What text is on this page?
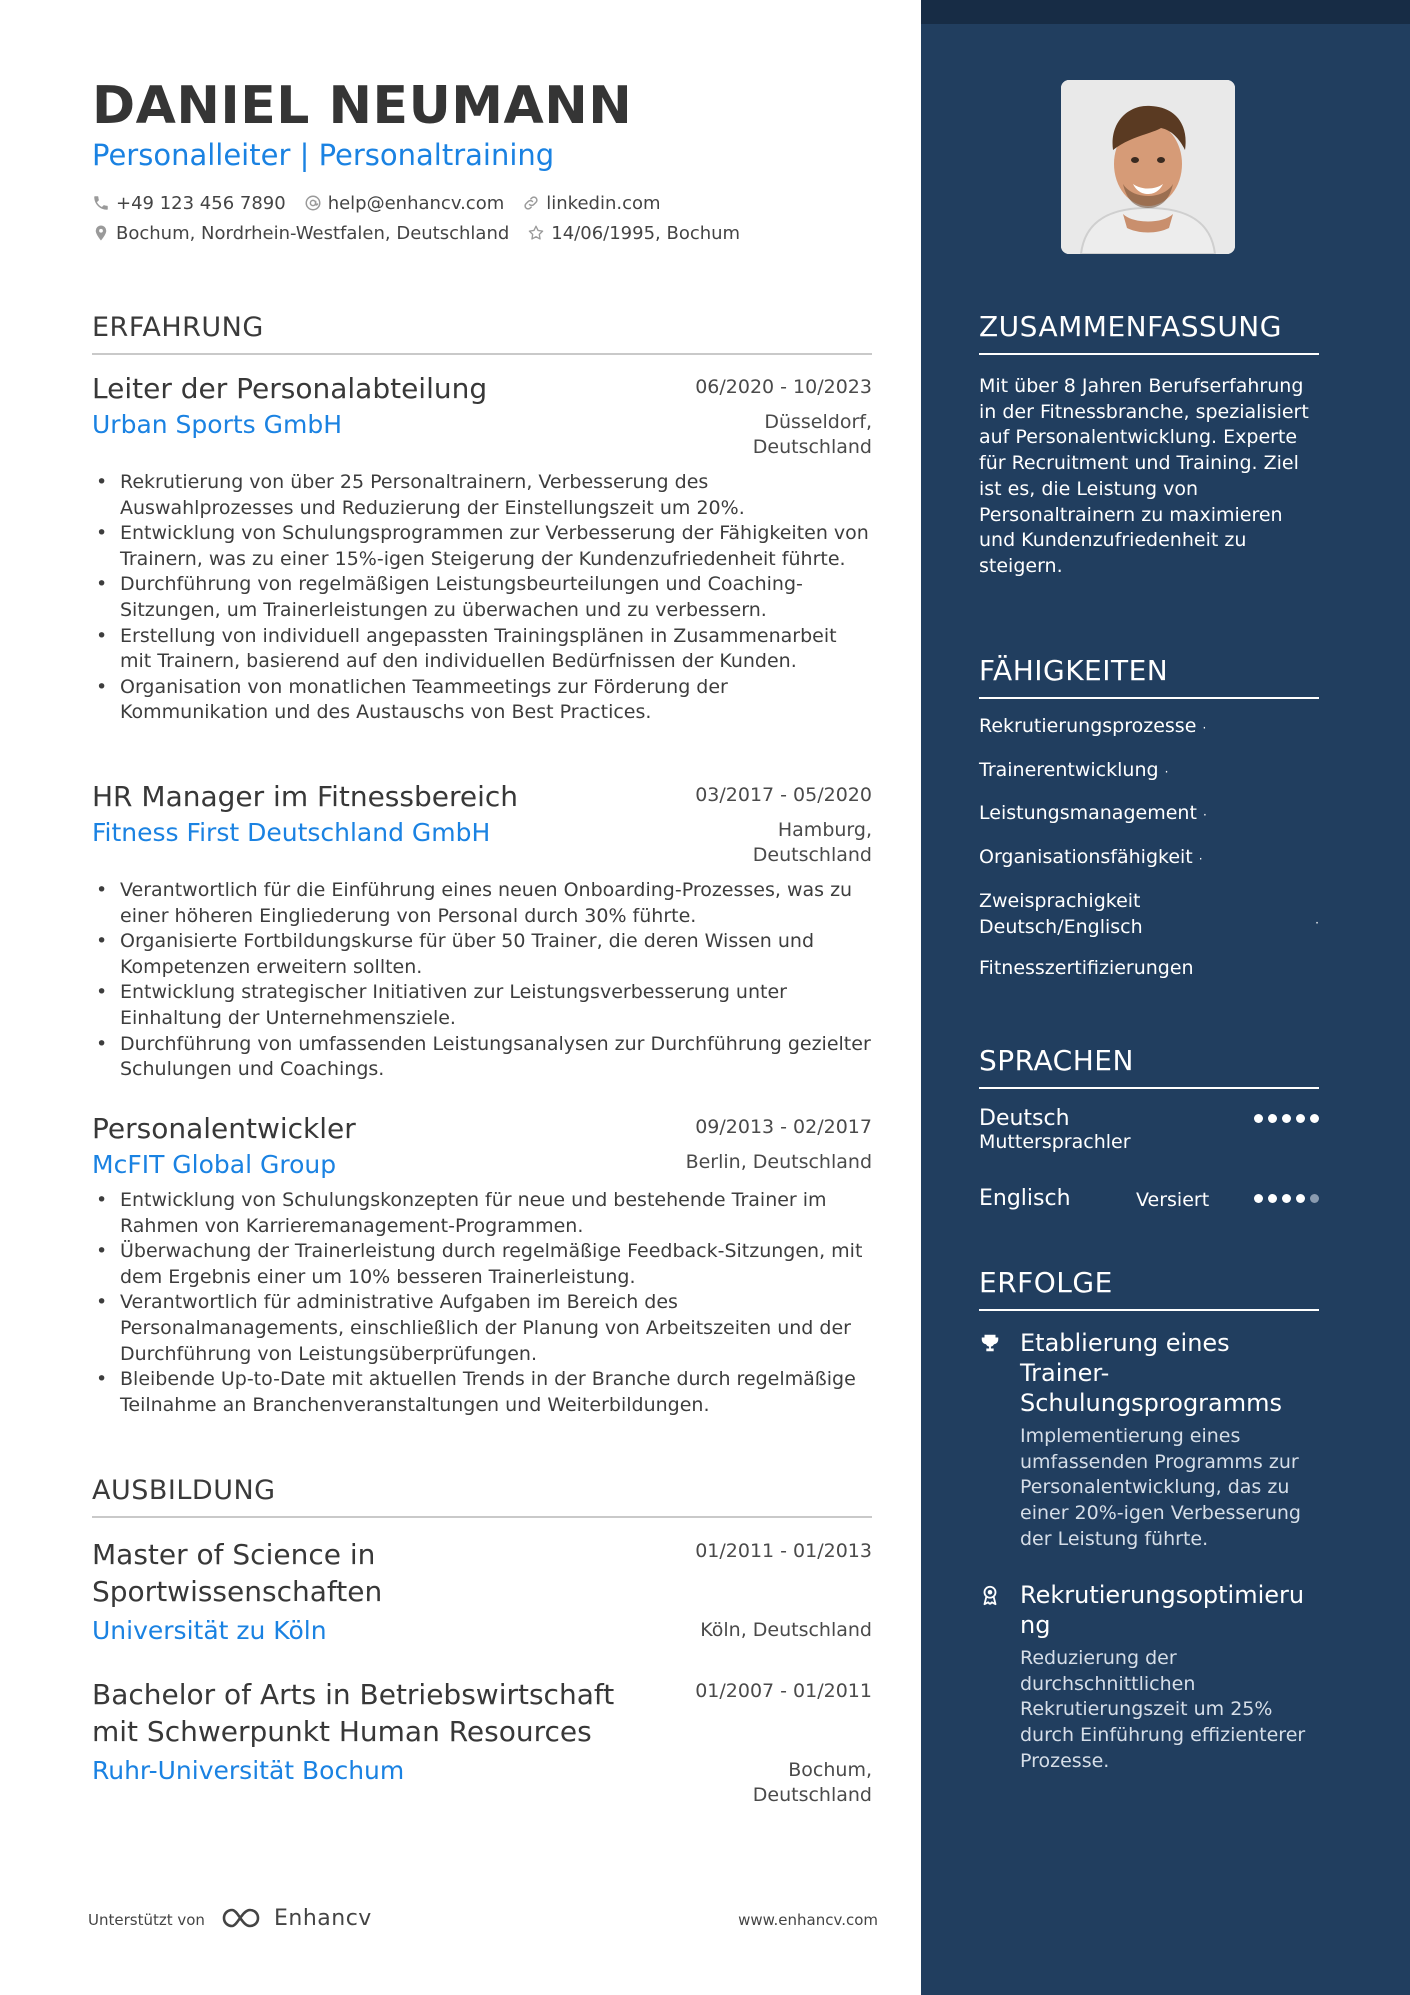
DANIEL NEUMANN
Personalleiter | Personaltraining
+49 123 456 7890 help@enhancv.com linkedin.com
Bochum, Nordrhein-Westfalen, Deutschland 14/06/1995, Bochum
ERFAHRUNG
Leiter der Personalabteilung	06/2020 - 10/2023
Urban Sports GmbH	Düsseldorf, Deutschland
• Rekrutierung von über 25 Personaltrainern, Verbesserung des Auswahlprozesses und Reduzierung der Einstellungszeit um 20%.
• Entwicklung von Schulungsprogrammen zur Verbesserung der Fähigkeiten von Trainern, was zu einer 15%-igen Steigerung der Kundenzufriedenheit führte.
• Durchführung von regelmäßigen Leistungsbeurteilungen und Coaching-Sitzungen, um Trainerleistungen zu überwachen und zu verbessern.
• Erstellung von individuell angepassten Trainingsplänen in Zusammenarbeit mit Trainern, basierend auf den individuellen Bedürfnissen der Kunden.
• Organisation von monatlichen Teammeetings zur Förderung der Kommunikation und des Austauschs von Best Practices.
HR Manager im Fitnessbereich	03/2017 - 05/2020
Fitness First Deutschland GmbH	Hamburg, Deutschland
• Verantwortlich für die Einführung eines neuen Onboarding-Prozesses, was zu einer höheren Eingliederung von Personal durch 30% führte.
• Organisierte Fortbildungskurse für über 50 Trainer, die deren Wissen und Kompetenzen erweitern sollten.
• Entwicklung strategischer Initiativen zur Leistungsverbesserung unter Einhaltung der Unternehmensziele.
• Durchführung von umfassenden Leistungsanalysen zur Durchführung gezielter Schulungen und Coachings.
Personalentwickler	09/2013 - 02/2017
McFIT Global Group	Berlin, Deutschland
• Entwicklung von Schulungskonzepten für neue und bestehende Trainer im Rahmen von Karrieremanagement-Programmen.
• Überwachung der Trainerleistung durch regelmäßige Feedback-Sitzungen, mit dem Ergebnis einer um 10% besseren Trainerleistung.
• Verantwortlich für administrative Aufgaben im Bereich des Personalmanagements, einschließlich der Planung von Arbeitszeiten und der Durchführung von Leistungsüberprüfungen.
• Bleibende Up-to-Date mit aktuellen Trends in der Branche durch regelmäßige Teilnahme an Branchenveranstaltungen und Weiterbildungen.
AUSBILDUNG
Master of Science in Sportwissenschaften
01/2011 - 01/2013
Universität zu Köln	Köln, Deutschland
Bachelor of Arts in Betriebswirtschaft mit Schwerpunkt Human Resources
01/2007 - 01/2011
Ruhr-Universität Bochum	Bochum, Deutschland
Unterstützt von	Enhancv	www.enhancv.com
ZUSAMMENFASSUNG
Mit über 8 Jahren Berufserfahrung in der Fitnessbranche, spezialisiert auf Personalentwicklung. Experte für Recruitment und Training. Ziel ist es, die Leistung von Personaltrainern zu maximieren und Kundenzufriedenheit zu steigern.
FÄHIGKEITEN
Rekrutierungsprozesse ·
Trainerentwicklung ·
Leistungsmanagement ·
Organisationsfähigkeit ·
Zweisprachigkeit Deutsch/Englisch	·
Fitnesszertifizierungen
SPRACHEN
Deutsch
Muttersprachler
Englisch	Versiert
ERFOLGE
Etablierung eines Trainer-Schulungsprogramms
Implementierung eines umfassenden Programms zur Personalentwicklung, das zu einer 20%-igen Verbesserung der Leistung führte.
Rekrutierungsoptimierung
Reduzierung der durchschnittlichen Rekrutierungszeit um 25% durch Einführung effizienterer Prozesse.
